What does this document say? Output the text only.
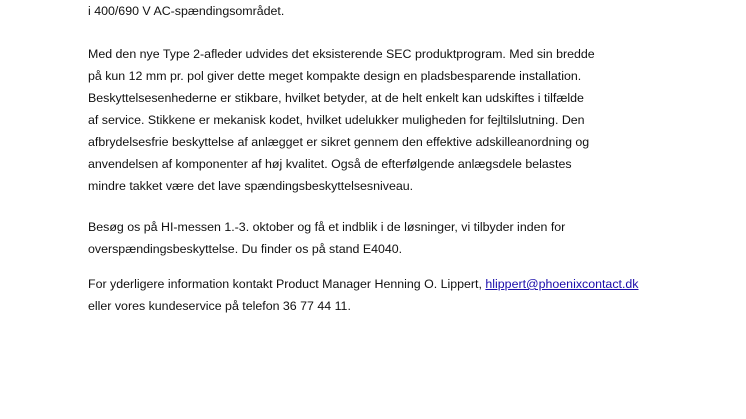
i 400/690 V AC-spændingsområdet.
Med den nye Type 2-afleder udvides det eksisterende SEC produktprogram. Med sin bredde
på kun 12 mm pr. pol giver dette meget kompakte design en pladsbesparende installation.
Beskyttelsesenhederne er stikbare, hvilket betyder, at de helt enkelt kan udskiftes i tilfælde
af service. Stikkene er mekanisk kodet, hvilket udelukker muligheden for fejltilslutning. Den
afbrydelsesfrie beskyttelse af anlægget er sikret gennem den effektive adskilleanordning og
anvendelsen af komponenter af høj kvalitet. Også de efterfølgende anlægsdele belastes
mindre takket være det lave spændingsbeskyttelsesniveau.
Besøg os på HI-messen 1.-3. oktober og få et indblik i de løsninger, vi tilbyder inden for
overspændingsbeskyttelse. Du finder os på stand E4040.
For yderligere information kontakt Product Manager Henning O. Lippert, hlippert@phoenixcontact.dk
eller vores kundeservice på telefon 36 77 44 11.
